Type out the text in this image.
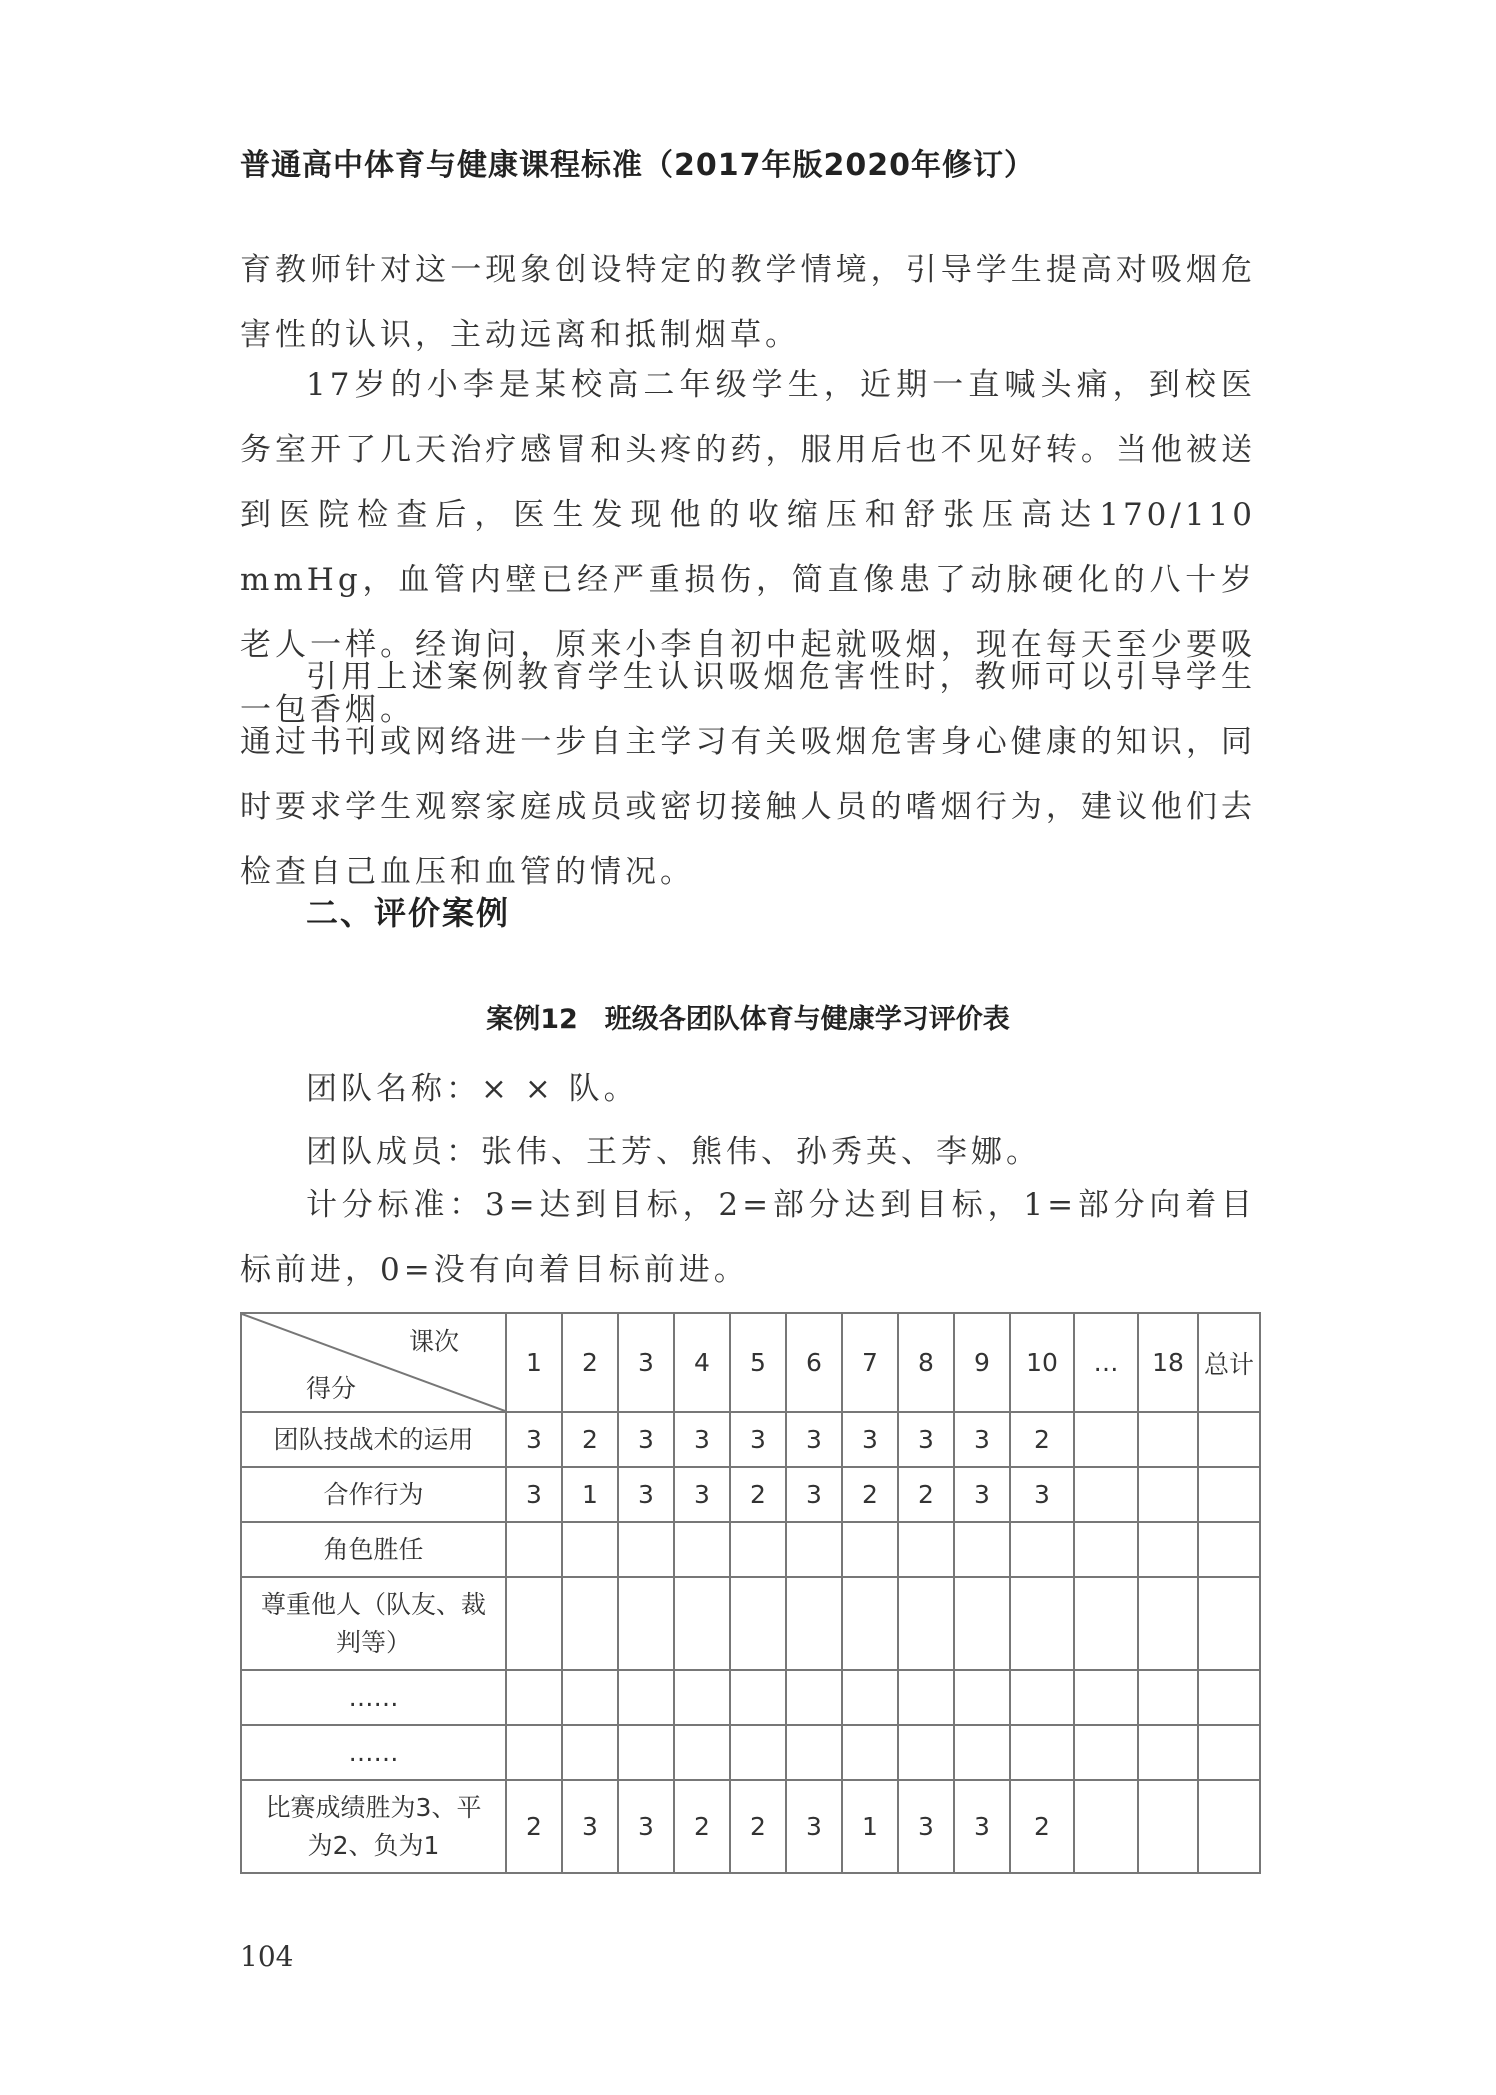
普通高中体育与健康课程标准（2017年版2020年修订）
育教师针对这一现象创设特定的教学情境，引导学生提高对吸烟危害性的认识，主动远离和抵制烟草。
17岁的小李是某校高二年级学生，近期一直喊头痛，到校医务室开了几天治疗感冒和头疼的药，服用后也不见好转。当他被送到医院检查后，医生发现他的收缩压和舒张压高达170/110 mmHg，血管内壁已经严重损伤，简直像患了动脉硬化的八十岁老人一样。经询问，原来小李自初中起就吸烟，现在每天至少要吸一包香烟。
引用上述案例教育学生认识吸烟危害性时，教师可以引导学生通过书刊或网络进一步自主学习有关吸烟危害身心健康的知识，同时要求学生观察家庭成员或密切接触人员的嗜烟行为，建议他们去检查自己血压和血管的情况。
二、评价案例
案例12　班级各团队体育与健康学习评价表
团队名称：× × 队。
团队成员：张伟、王芳、熊伟、孙秀英、李娜。
计分标准：3=达到目标，2=部分达到目标，1=部分向着目标前进，0=没有向着目标前进。
课次
得分	1	2	3	4	5	6	7	8	9	10	…	18	总计
团队技战术的运用	3	2	3	3	3	3	3	3	3	2			
合作行为	3	1	3	3	2	3	2	2	3	3			
角色胜任													
尊重他人（队友、裁判等）													
……													
……													
比赛成绩胜为3、平为2、负为1	2	3	3	2	2	3	1	3	3	2			
104
